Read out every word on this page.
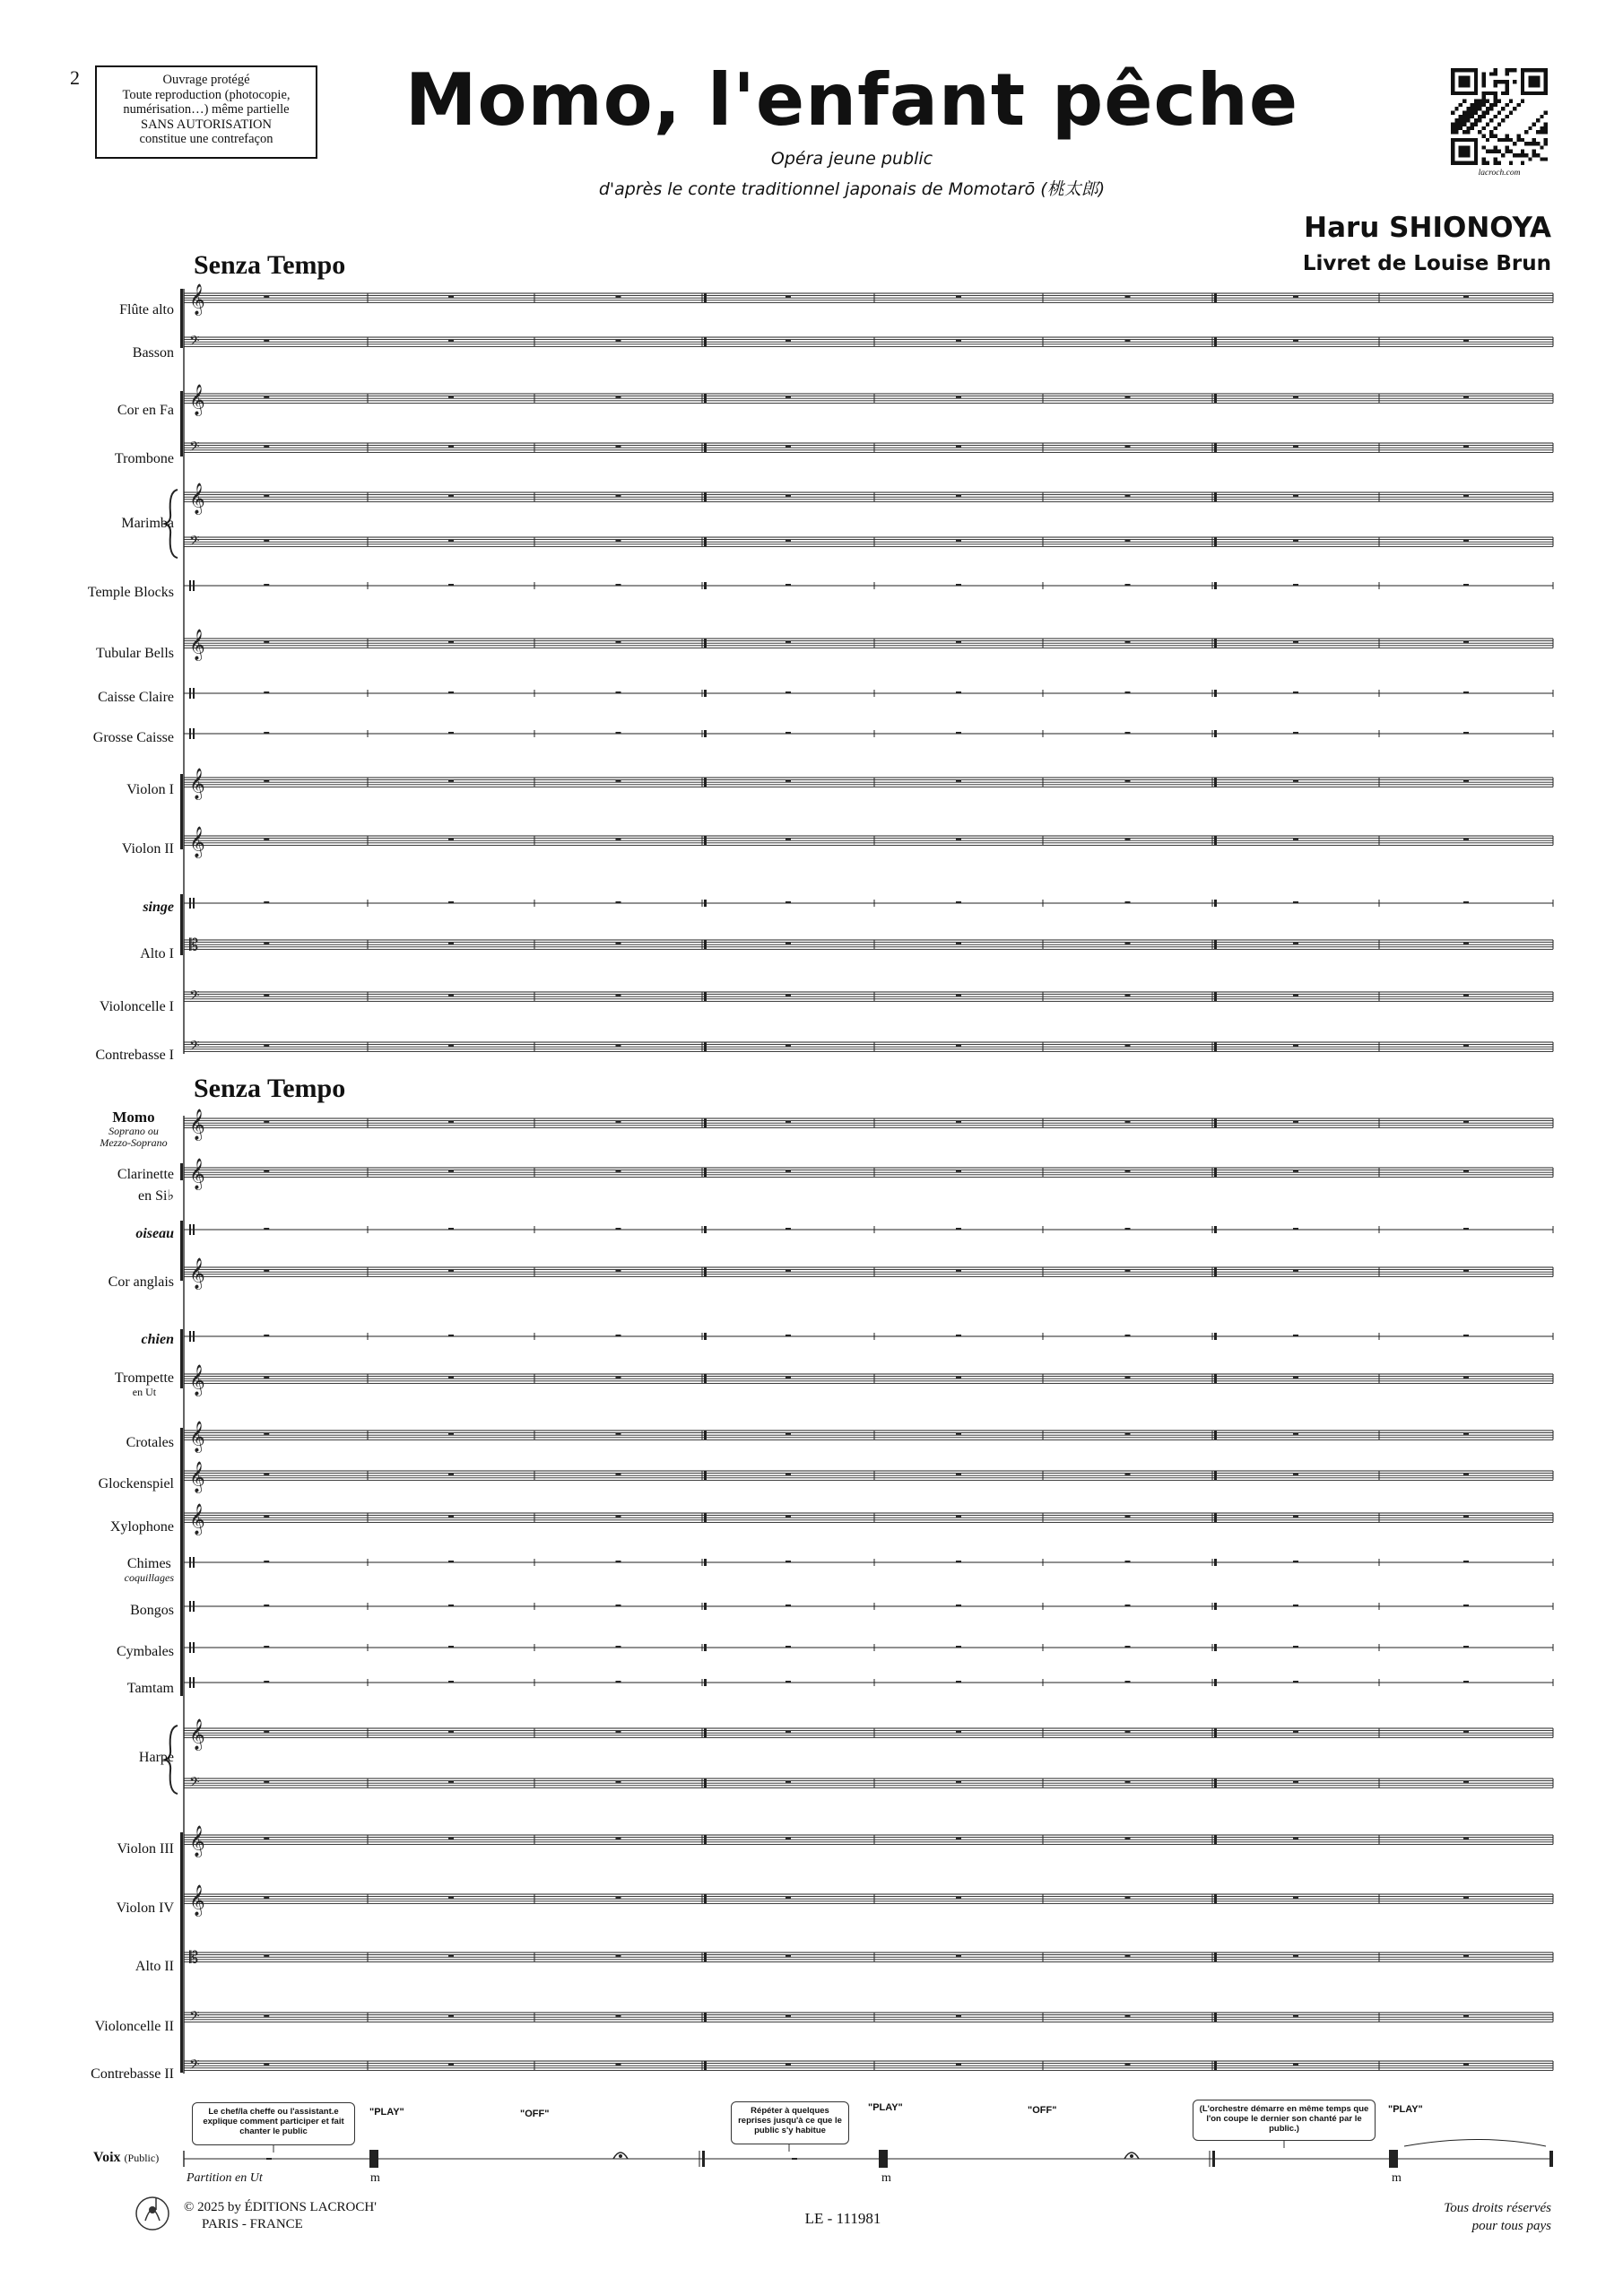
2	Ouvrage protégé
Toute reproduction (photocopie,
numérisation…) même partielle
SANS AUTORISATION
constitue une contrefaçon	Momo, l'enfant pêche
Opéra jeune public
d'après le conte traditionnel japonais de Momotarō (桃太郎)
lacroch.com
Haru SHIONOYA
Livret de Louise Brun
Senza Tempo
Senza Tempo
𝄞
𝄢
𝄞
𝄢
𝄞
𝄢
𝄞
𝄞
𝄞
𝄡
𝄢
𝄢
𝄞
𝄞
𝄞
𝄞
𝄞
𝄞
𝄞
𝄞
𝄢
𝄞
𝄞
𝄡
𝄢
𝄢
Flûte alto
Basson
Cor en Fa
Trombone
Marimba
Temple Blocks
Tubular Bells
Caisse Claire
Grosse Caisse
Violon I
Violon II
singe
Alto I
Violoncelle I
Contrebasse I
Momo
Soprano ou Mezzo-Soprano
Clarinette
en Si♭
oiseau
Cor anglais
chien
Trompette
en Ut
Crotales
Glockenspiel
Xylophone
Chimes
coquillages
Bongos
Cymbales
Tamtam
Harpe
Violon III
Violon IV
Alto II
Violoncelle II
Contrebasse II
Le chef/la cheffe ou l'assistant.e explique comment participer et fait chanter le public
Répéter à quelques reprises jusqu'à ce que le public s'y habitue
(L'orchestre démarre en même temps que l'on coupe le dernier son chanté par le public.)
"PLAY"	"OFF"
"PLAY"	"OFF"	"PLAY"
m	m	m
Voix (Public)
Partition en Ut
© 2025 by ÉDITIONS LACROCH'
PARIS - FRANCE	LE - 111981
Tous droits réservés
pour tous pays
